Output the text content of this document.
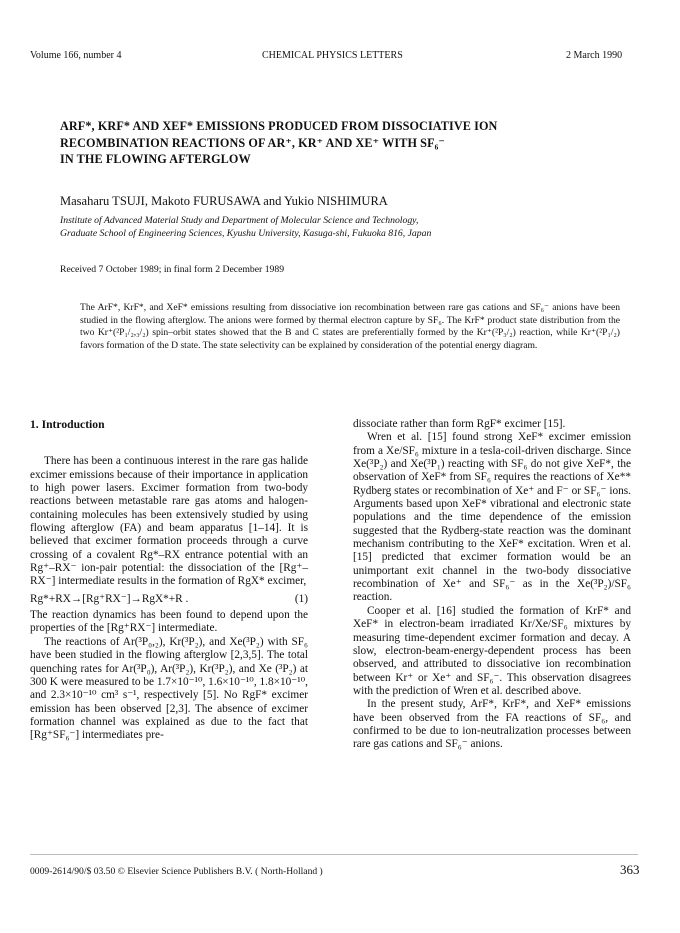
Volume 166, number 4	CHEMICAL PHYSICS LETTERS	2 March 1990
ARF*, KRF* AND XEF* EMISSIONS PRODUCED FROM DISSOCIATIVE ION
RECOMBINATION REACTIONS OF AR⁺, KR⁺ AND XE⁺ WITH SF₆⁻
IN THE FLOWING AFTERGLOW
Masaharu TSUJI, Makoto FURUSAWA and Yukio NISHIMURA
Institute of Advanced Material Study and Department of Molecular Science and Technology,
Graduate School of Engineering Sciences, Kyushu University, Kasuga-shi, Fukuoka 816, Japan
Received 7 October 1989; in final form 2 December 1989
The ArF*, KrF*, and XeF* emissions resulting from dissociative ion recombination between rare gas cations and SF₆⁻ anions have been studied in the flowing afterglow. The anions were formed by thermal electron capture by SF₆. The KrF* product state distribution from the two Kr⁺(²P₁/₂,₃/₂) spin–orbit states showed that the B and C states are preferentially formed by the Kr⁺(²P₃/₂) reaction, while Kr⁺(²P₁/₂) favors formation of the D state. The state selectivity can be explained by consideration of the potential energy diagram.

1. Introduction

There has been a continuous interest in the rare gas halide excimer emissions because of their importance in application to high power lasers. Excimer formation from two-body reactions between metastable rare gas atoms and halogen-containing molecules has been extensively studied by using flowing afterglow (FA) and beam apparatus [1–14]. It is believed that excimer formation proceeds through a curve crossing of a covalent Rg*–RX entrance potential with an Rg⁺–RX⁻ ion-pair potential: the dissociation of the [Rg⁺–RX⁻] intermediate results in the formation of RgX* excimer,

Rg*+RX→[Rg⁺RX⁻]→RgX*+R .	(1)

The reaction dynamics has been found to depend upon the properties of the [Rg⁺RX⁻] intermediate.

The reactions of Ar(³P₀,₂), Kr(³P₂), and Xe(³P₂) with SF₆ have been studied in the flowing afterglow [2,3,5]. The total quenching rates for Ar(³P₀), Ar(³P₂), Kr(³P₂), and Xe (³P₂) at 300 K were measured to be 1.7×10⁻¹⁰, 1.6×10⁻¹⁰, 1.8×10⁻¹⁰, and 2.3×10⁻¹⁰ cm³ s⁻¹, respectively [5]. No RgF* excimer emission has been observed [2,3]. The absence of excimer formation channel was explained as due to the fact that [Rg⁺SF₆⁻] intermediates pre-

dissociate rather than form RgF* excimer [15].

Wren et al. [15] found strong XeF* excimer emission from a Xe/SF₆ mixture in a tesla-coil-driven discharge. Since Xe(³P₂) and Xe(³P₁) reacting with SF₆ do not give XeF*, the observation of XeF* from SF₆ requires the reactions of Xe** Rydberg states or recombination of Xe⁺ and F⁻ or SF₆⁻ ions. Arguments based upon XeF* vibrational and electronic state populations and the time dependence of the emission suggested that the Rydberg-state reaction was the dominant mechanism contributing to the XeF* excitation. Wren et al. [15] predicted that excimer formation would be an unimportant exit channel in the two-body dissociative recombination of Xe⁺ and SF₆⁻ as in the Xe(³P₂)/SF₆ reaction.

Cooper et al. [16] studied the formation of KrF* and XeF* in electron-beam irradiated Kr/Xe/SF₆ mixtures by measuring time-dependent excimer formation and decay. A slow, electron-beam-energy-dependent process has been observed, and attributed to dissociative ion recombination between Kr⁺ or Xe⁺ and SF₆⁻. This observation disagrees with the prediction of Wren et al. described above.

In the present study, ArF*, KrF*, and XeF* emissions have been observed from the FA reactions of SF₆, and confirmed to be due to ion-neutralization processes between rare gas cations and SF₆⁻ anions.

0009-2614/90/$ 03.50 © Elsevier Science Publishers B.V. ( North-Holland )	363
